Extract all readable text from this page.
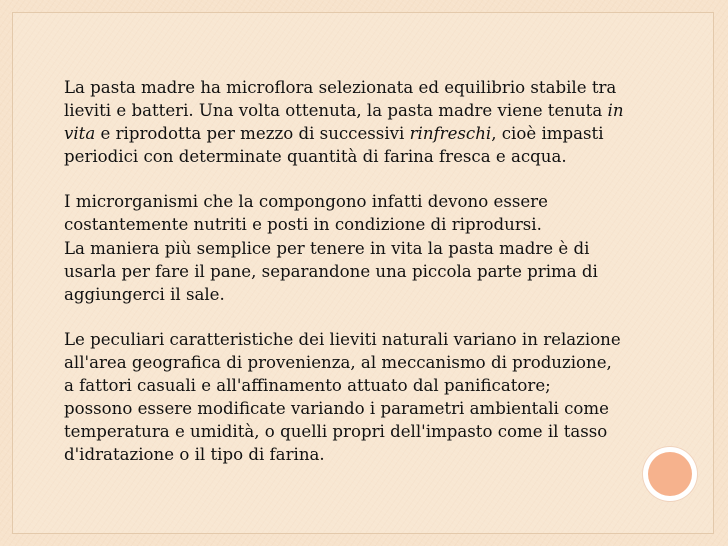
La pasta madre ha microflora selezionata ed equilibrio stabile tra lieviti e batteri. Una volta ottenuta, la pasta madre viene tenuta in vita e riprodotta per mezzo di successivi rinfreschi, cioè impasti periodici con determinate quantità di farina fresca e acqua.

I microrganismi che la compongono infatti devono essere costantemente nutriti e posti in condizione di riprodursi.

La maniera più semplice per tenere in vita la pasta madre è di usarla per fare il pane, separandone una piccola parte prima di aggiungerci il sale.

Le peculiari caratteristiche dei lieviti naturali variano in relazione all'area geografica di provenienza, al meccanismo di produzione, a fattori casuali e all'affinamento attuato dal panificatore; possono essere modificate variando i parametri ambientali come temperatura e umidità, o quelli propri dell'impasto come il tasso d'idratazione o il tipo di farina.
